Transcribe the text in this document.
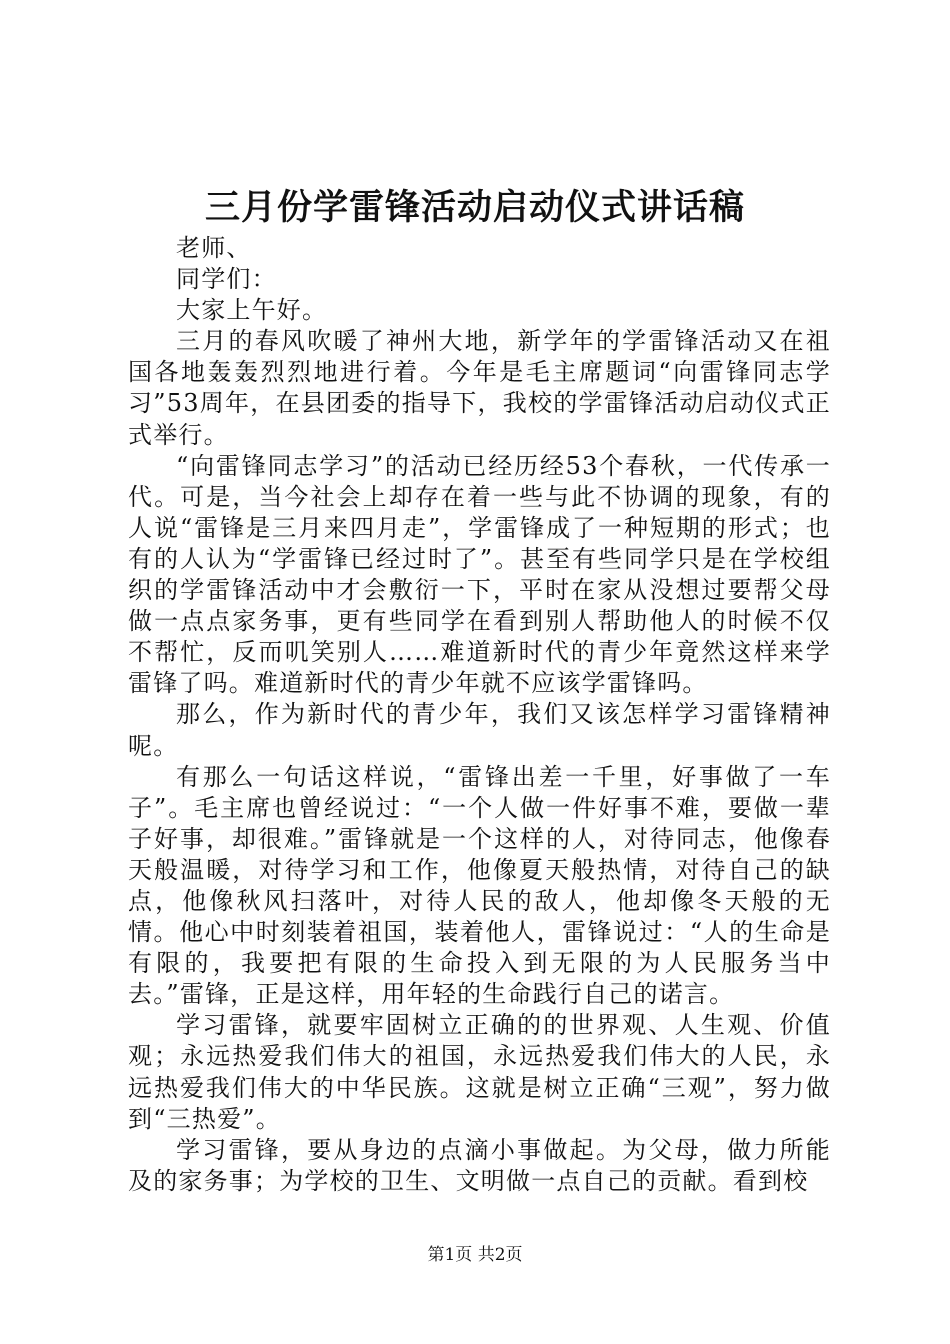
三月份学雷锋活动启动仪式讲话稿

老师、

同学们：

大家上午好。

三月的春风吹暖了神州大地，新学年的学雷锋活动又在祖国各地轰轰烈烈地进行着。今年是毛主席题词“向雷锋同志学习”53周年，在县团委的指导下，我校的学雷锋活动启动仪式正式举行。

“向雷锋同志学习”的活动已经历经53个春秋，一代传承一代。可是，当今社会上却存在着一些与此不协调的现象，有的人说“雷锋是三月来四月走”，学雷锋成了一种短期的形式；也有的人认为“学雷锋已经过时了”。甚至有些同学只是在学校组织的学雷锋活动中才会敷衍一下，平时在家从没想过要帮父母做一点点家务事，更有些同学在看到别人帮助他人的时候不仅不帮忙，反而叽笑别人……难道新时代的青少年竟然这样来学雷锋了吗。难道新时代的青少年就不应该学雷锋吗。

那么，作为新时代的青少年，我们又该怎样学习雷锋精神呢。

有那么一句话这样说，“雷锋出差一千里，好事做了一车子”。毛主席也曾经说过：“一个人做一件好事不难，要做一辈子好事，却很难。”雷锋就是一个这样的人，对待同志，他像春天般温暖，对待学习和工作，他像夏天般热情，对待自己的缺点，他像秋风扫落叶，对待人民的敌人，他却像冬天般的无情。他心中时刻装着祖国，装着他人，雷锋说过：“人的生命是有限的，我要把有限的生命投入到无限的为人民服务当中去。”雷锋，正是这样，用年轻的生命践行自己的诺言。

学习雷锋，就要牢固树立正确的的世界观、人生观、价值观；永远热爱我们伟大的祖国，永远热爱我们伟大的人民，永远热爱我们伟大的中华民族。这就是树立正确“三观”，努力做到“三热爱”。

学习雷锋，要从身边的点滴小事做起。为父母，做力所能及的家务事；为学校的卫生、文明做一点自己的贡献。看到校

第1页 共2页
